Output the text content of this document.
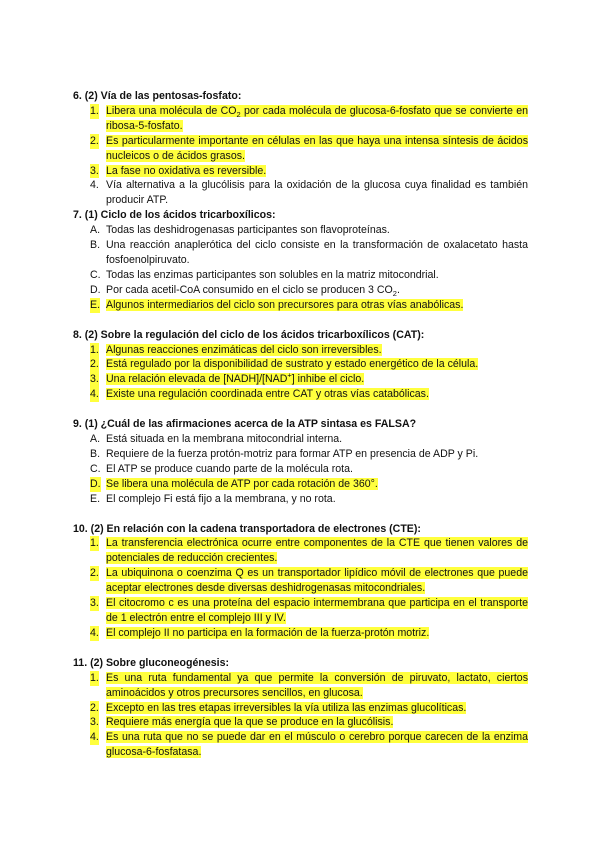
6. (2) Vía de las pentosas-fosfato:

1. Libera una molécula de $CO_2$ por cada molécula de glucosa-6-fosfato que se convierte en ribosa-5-fosfato.
2. Es particularmente importante en células en las que haya una intensa síntesis de ácidos nucleicos o de ácidos grasos.
3. La fase no oxidativa es reversible.
4. Vía alternativa a la glucólisis para la oxidación de la glucosa cuya finalidad es también producir ATP.

7. (1) Ciclo de los ácidos tricarboxílicos:

A. Todas las deshidrogenasas participantes son flavoproteínas.
B. Una reacción anaplerótica del ciclo consiste en la transformación de oxalacetato hasta fosfoenolpiruvato.
C. Todas las enzimas participantes son solubles en la matriz mitocondrial.
D. Por cada acetil-CoA consumido en el ciclo se producen 3 $CO_2$.
E. Algunos intermediarios del ciclo son precursores para otras vías anabólicas.

8. (2) Sobre la regulación del ciclo de los ácidos tricarboxílicos (CAT):

1. Algunas reacciones enzimáticas del ciclo son irreversibles.
2. Está regulado por la disponibilidad de sustrato y estado energético de la célula.
3. Una relación elevada de [NADH]/[NAD+] inhibe el ciclo.
4. Existe una regulación coordinada entre CAT y otras vías catabólicas.

9. (1) ¿Cuál de las afirmaciones acerca de la ATP sintasa es FALSA?

A. Está situada en la membrana mitocondrial interna.
B. Requiere de la fuerza protón-motriz para formar ATP en presencia de ADP y Pi.
C. El ATP se produce cuando parte de la molécula rota.
D. Se libera una molécula de ATP por cada rotación de 360°.
E. El complejo Fi está fijo a la membrana, y no rota.

10. (2) En relación con la cadena transportadora de electrones (CTE):

1. La transferencia electrónica ocurre entre componentes de la CTE que tienen valores de potenciales de reducción crecientes.
2. La ubiquinona o coenzima Q es un transportador lipídico móvil de electrones que puede aceptar electrones desde diversas deshidrogenasas mitocondriales.
3. El citocromo c es una proteína del espacio intermembrana que participa en el transporte de 1 electrón entre el complejo III y IV.
4. El complejo II no participa en la formación de la fuerza-protón motriz.

11. (2) Sobre gluconeogénesis:

1. Es una ruta fundamental ya que permite la conversión de piruvato, lactato, ciertos aminoácidos y otros precursores sencillos, en glucosa.
2. Excepto en las tres etapas irreversibles la vía utiliza las enzimas glucolíticas.
3. Requiere más energía que la que se produce en la glucólisis.
4. Es una ruta que no se puede dar en el músculo o cerebro porque carecen de la enzima glucosa-6-fosfatasa.
